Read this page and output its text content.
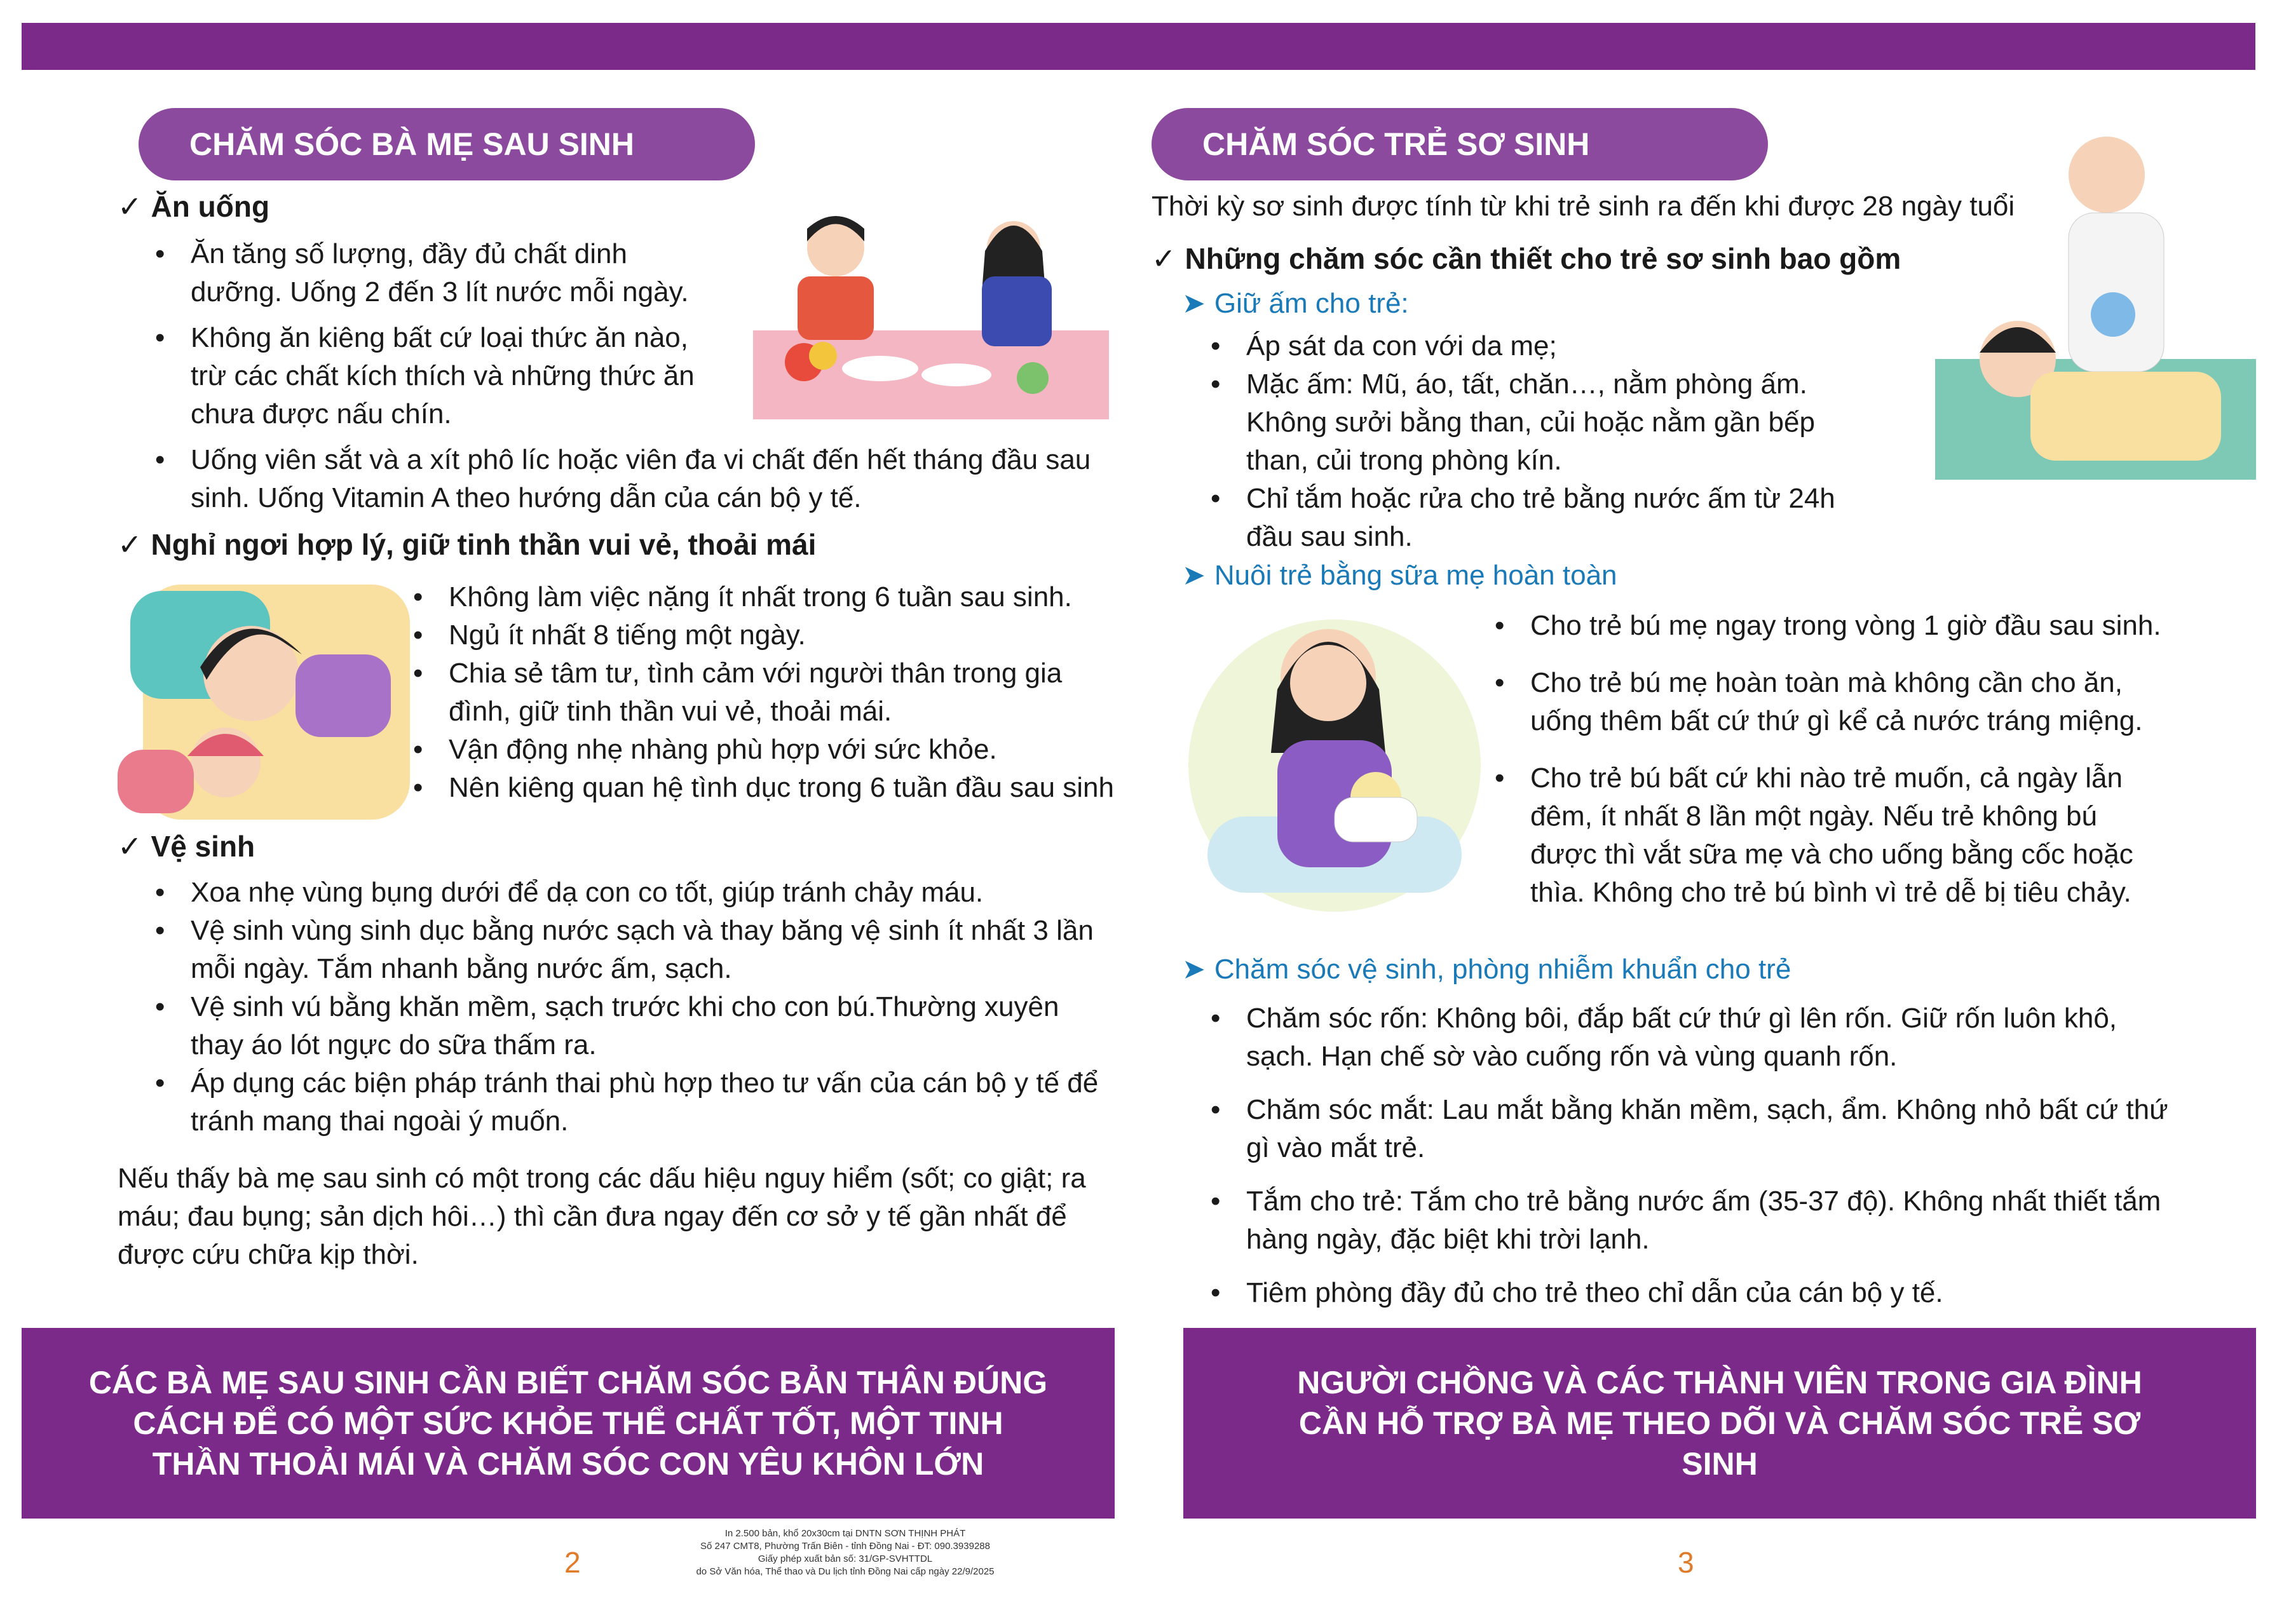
CHĂM SÓC BÀ MẸ SAU SINH
✓ Ăn uống
• Ăn tăng số lượng, đầy đủ chất dinh dưỡng. Uống 2 đến 3 lít nước mỗi ngày.
• Không ăn kiêng bất cứ loại thức ăn nào, trừ các chất kích thích và những thức ăn chưa được nấu chín.
• Uống viên sắt và a xít phô líc hoặc viên đa vi chất đến hết tháng đầu sau sinh. Uống Vitamin A theo hướng dẫn của cán bộ y tế.
✓ Nghỉ ngơi hợp lý, giữ tinh thần vui vẻ, thoải mái
• Không làm việc nặng ít nhất trong 6 tuần sau sinh.
• Ngủ ít nhất 8 tiếng một ngày.
• Chia sẻ tâm tư, tình cảm với người thân trong gia đình, giữ tinh thần vui vẻ, thoải mái.
• Vận động nhẹ nhàng phù hợp với sức khỏe.
• Nên kiêng quan hệ tình dục trong 6 tuần đầu sau sinh
✓ Vệ sinh
• Xoa nhẹ vùng bụng dưới để dạ con co tốt, giúp tránh chảy máu.
• Vệ sinh vùng sinh dục bằng nước sạch và thay băng vệ sinh ít nhất 3 lần mỗi ngày. Tắm nhanh bằng nước ấm, sạch.
• Vệ sinh vú bằng khăn mềm, sạch trước khi cho con bú.Thường xuyên thay áo lót ngực do sữa thấm ra.
• Áp dụng các biện pháp tránh thai phù hợp theo tư vấn của cán bộ y tế để tránh mang thai ngoài ý muốn.
Nếu thấy bà mẹ sau sinh có một trong các dấu hiệu nguy hiểm (sốt; co giật; ra máu; đau bụng; sản dịch hôi…) thì cần đưa ngay đến cơ sở y tế gần nhất để được cứu chữa kịp thời.
CÁC BÀ MẸ SAU SINH CẦN BIẾT CHĂM SÓC BẢN THÂN ĐÚNG CÁCH ĐỂ CÓ MỘT SỨC KHỎE THỂ CHẤT TỐT, MỘT TINH THẦN THOẢI MÁI VÀ CHĂM SÓC CON YÊU KHÔN LỚN
2
In 2.500 bản, khổ 20x30cm tại DNTN SƠN THỊNH PHÁT
Số 247 CMT8, Phường Trấn Biên - tỉnh Đồng Nai - ĐT: 090.3939288
Giấy phép xuất bản số: 31/GP-SVHTTDL
do Sở Văn hóa, Thể thao và Du lịch tỉnh Đồng Nai cấp ngày 22/9/2025
CHĂM SÓC TRẺ SƠ SINH
Thời kỳ sơ sinh được tính từ khi trẻ sinh ra đến khi được 28 ngày tuổi
✓ Những chăm sóc cần thiết cho trẻ sơ sinh bao gồm
➤ Giữ ấm cho trẻ:
• Áp sát da con với da mẹ;
• Mặc ấm: Mũ, áo, tất, chăn…, nằm phòng ấm. Không sưởi bằng than, củi hoặc nằm gần bếp than, củi trong phòng kín.
• Chỉ tắm hoặc rửa cho trẻ bằng nước ấm từ 24h đầu sau sinh.
➤ Nuôi trẻ bằng sữa mẹ hoàn toàn
• Cho trẻ bú mẹ ngay trong vòng 1 giờ đầu sau sinh.
• Cho trẻ bú mẹ hoàn toàn mà không cần cho ăn, uống thêm bất cứ thứ gì kể cả nước tráng miệng.
• Cho trẻ bú bất cứ khi nào trẻ muốn, cả ngày lẫn đêm, ít nhất 8 lần một ngày. Nếu trẻ không bú được thì vắt sữa mẹ và cho uống bằng cốc hoặc thìa. Không cho trẻ bú bình vì trẻ dễ bị tiêu chảy.
➤ Chăm sóc vệ sinh, phòng nhiễm khuẩn cho trẻ
• Chăm sóc rốn: Không bôi, đắp bất cứ thứ gì lên rốn. Giữ rốn luôn khô, sạch. Hạn chế sờ vào cuống rốn và vùng quanh rốn.
• Chăm sóc mắt: Lau mắt bằng khăn mềm, sạch, ẩm. Không nhỏ bất cứ thứ gì vào mắt trẻ.
• Tắm cho trẻ: Tắm cho trẻ bằng nước ấm (35-37 độ). Không nhất thiết tắm hàng ngày, đặc biệt khi trời lạnh.
• Tiêm phòng đầy đủ cho trẻ theo chỉ dẫn của cán bộ y tế.
NGƯỜI CHỒNG VÀ CÁC THÀNH VIÊN TRONG GIA ĐÌNH CẦN HỖ TRỢ BÀ MẸ THEO DÕI VÀ CHĂM SÓC TRẺ SƠ SINH
3
